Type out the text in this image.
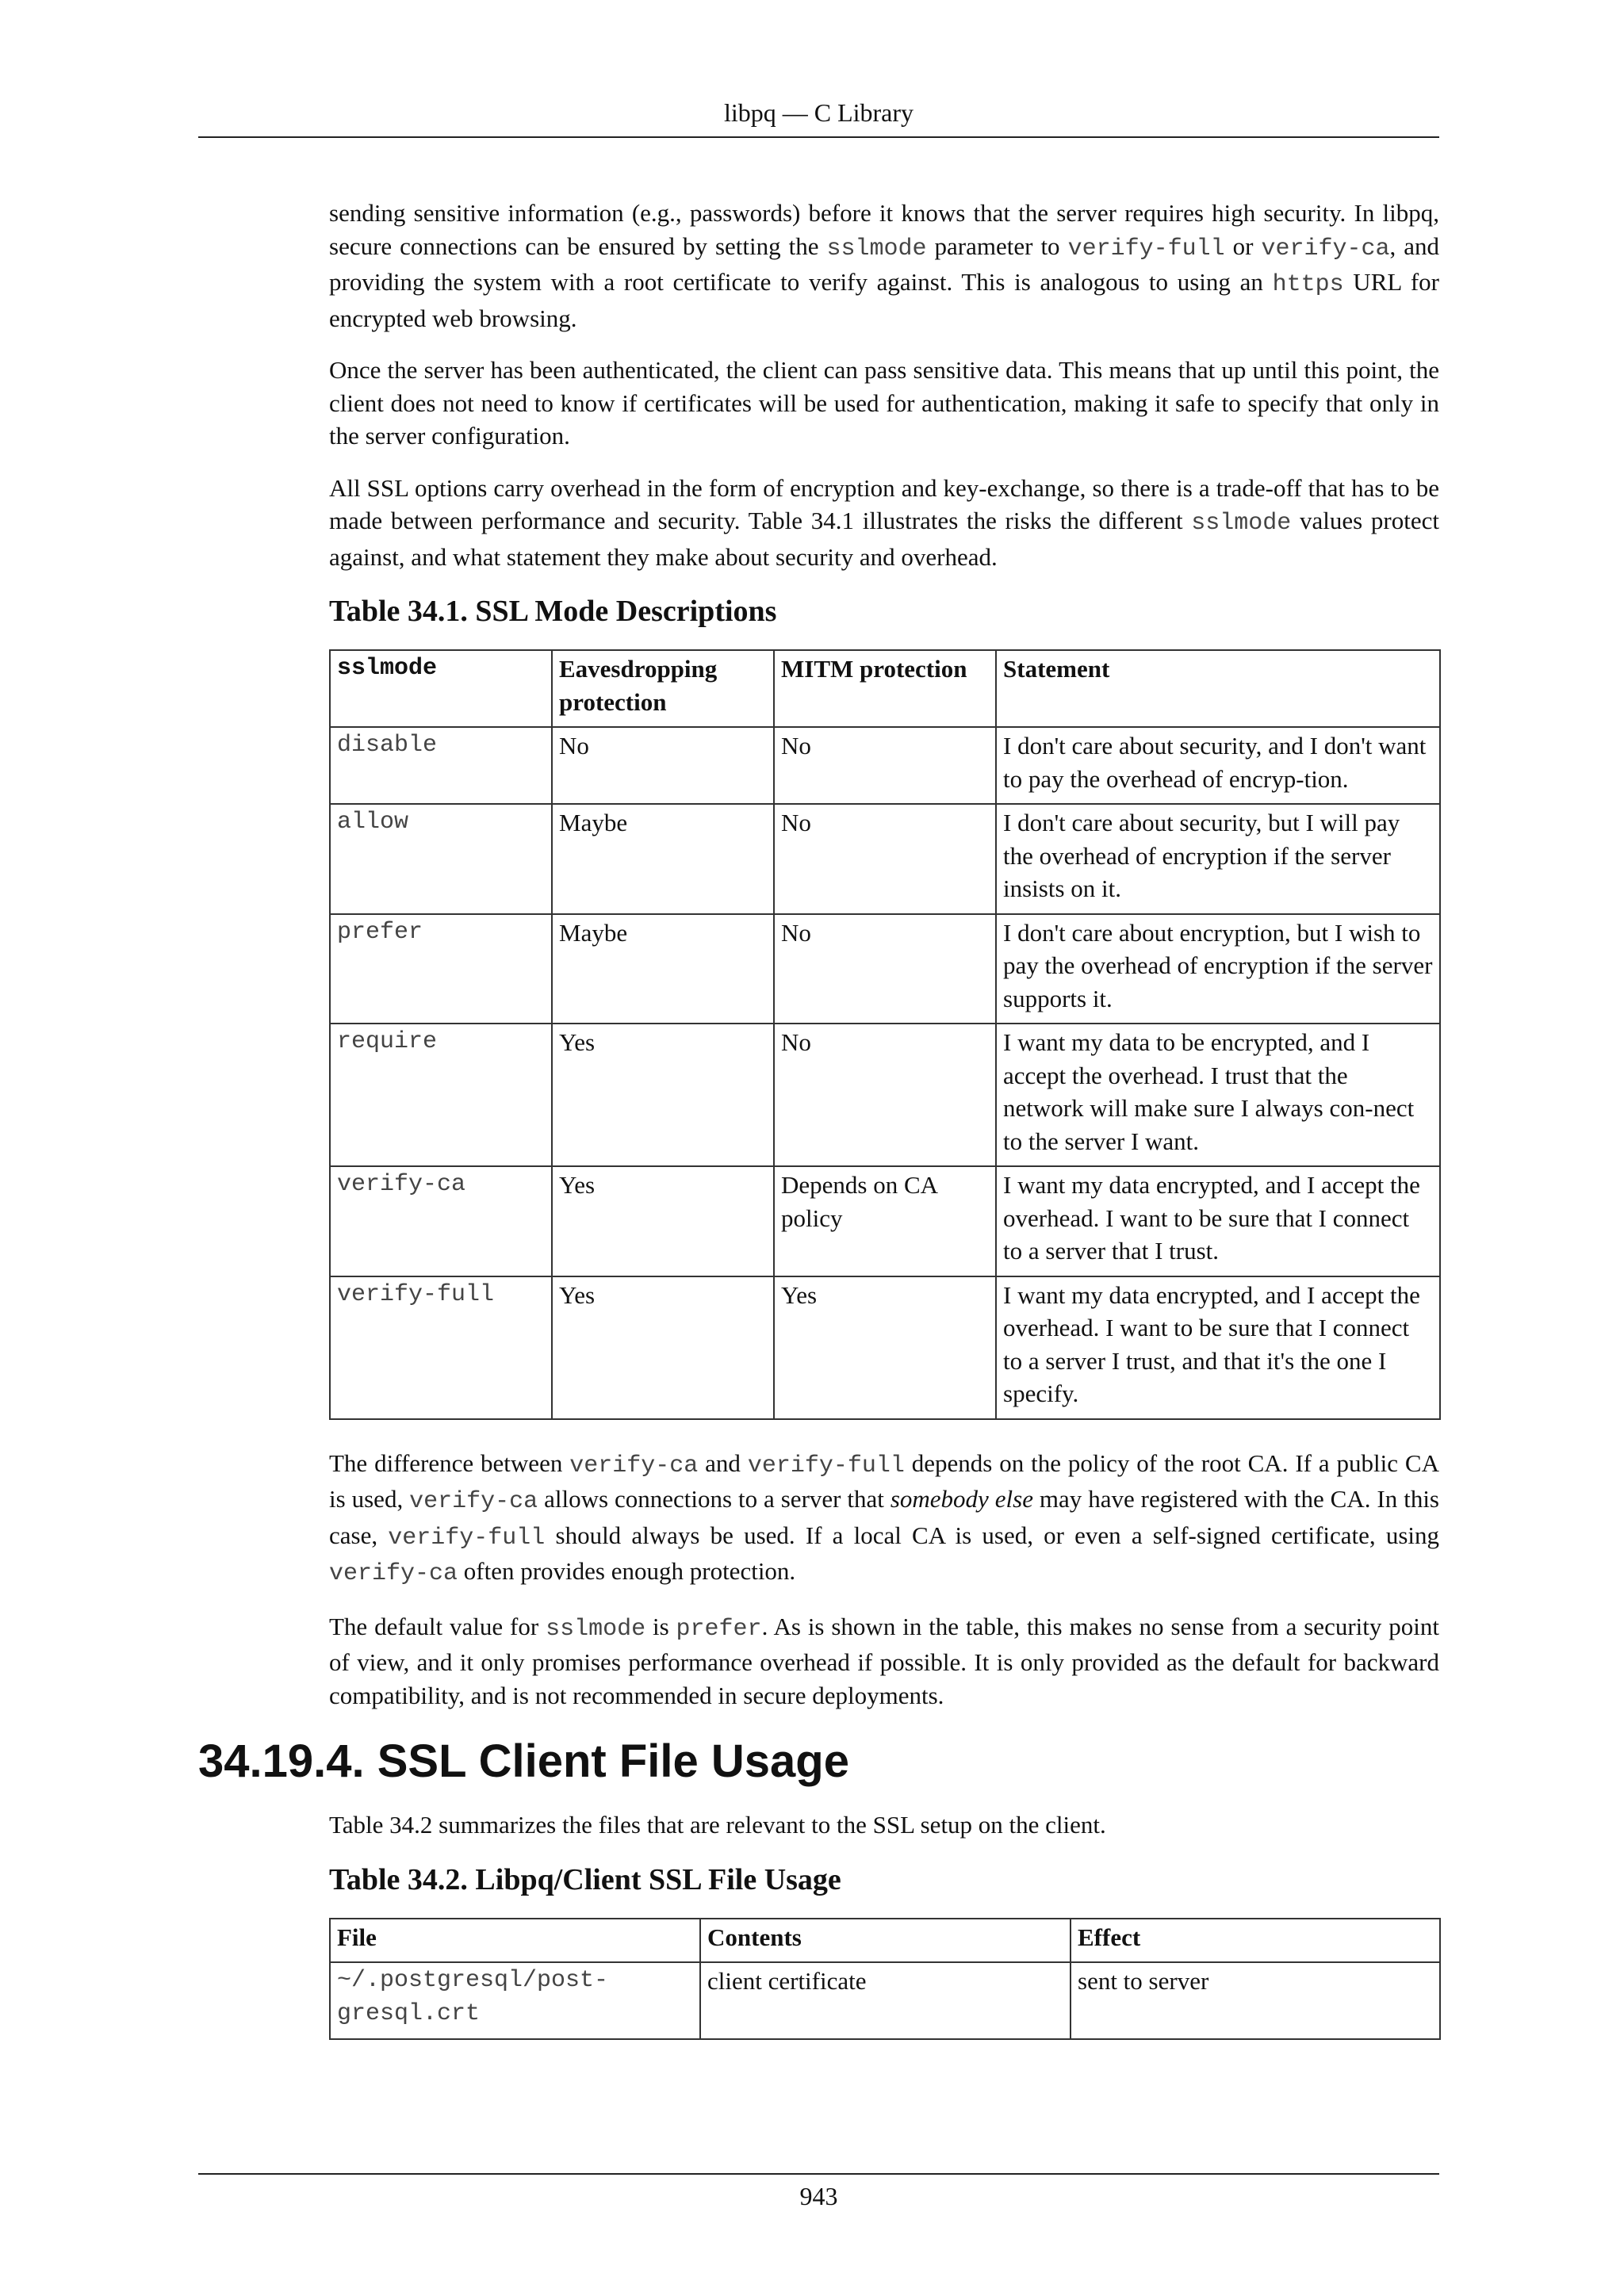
libpq — C Library

sending sensitive information (e.g., passwords) before it knows that the server requires high security. In libpq, secure connections can be ensured by setting the sslmode parameter to verify-full or verify-ca, and providing the system with a root certificate to verify against. This is analogous to using an https URL for encrypted web browsing.

Once the server has been authenticated, the client can pass sensitive data. This means that up until this point, the client does not need to know if certificates will be used for authentication, making it safe to specify that only in the server configuration.

All SSL options carry overhead in the form of encryption and key-exchange, so there is a trade-off that has to be made between performance and security. Table 34.1 illustrates the risks the different sslmode values protect against, and what statement they make about security and overhead.

Table 34.1. SSL Mode Descriptions
sslmode	Eavesdropping protection	MITM protection	Statement
disable	No	No	I don't care about security, and I don't want to pay the overhead of encryp-tion.
allow	Maybe	No	I don't care about security, but I will pay the overhead of encryption if the server insists on it.
prefer	Maybe	No	I don't care about encryption, but I wish to pay the overhead of encryption if the server supports it.
require	Yes	No	I want my data to be encrypted, and I accept the overhead. I trust that the network will make sure I always con-nect to the server I want.
verify-ca	Yes	Depends on CA policy	I want my data encrypted, and I accept the overhead. I want to be sure that I connect to a server that I trust.
verify-full	Yes	Yes	I want my data encrypted, and I accept the overhead. I want to be sure that I connect to a server I trust, and that it's the one I specify.

The difference between verify-ca and verify-full depends on the policy of the root CA. If a public CA is used, verify-ca allows connections to a server that somebody else may have registered with the CA. In this case, verify-full should always be used. If a local CA is used, or even a self-signed certificate, using verify-ca often provides enough protection.

The default value for sslmode is prefer. As is shown in the table, this makes no sense from a security point of view, and it only promises performance overhead if possible. It is only provided as the default for backward compatibility, and is not recommended in secure deployments.

34.19.4. SSL Client File Usage

Table 34.2 summarizes the files that are relevant to the SSL setup on the client.

Table 34.2. Libpq/Client SSL File Usage
File	Contents	Effect
~/.postgresql/post-gresql.crt	client certificate	sent to server
943
